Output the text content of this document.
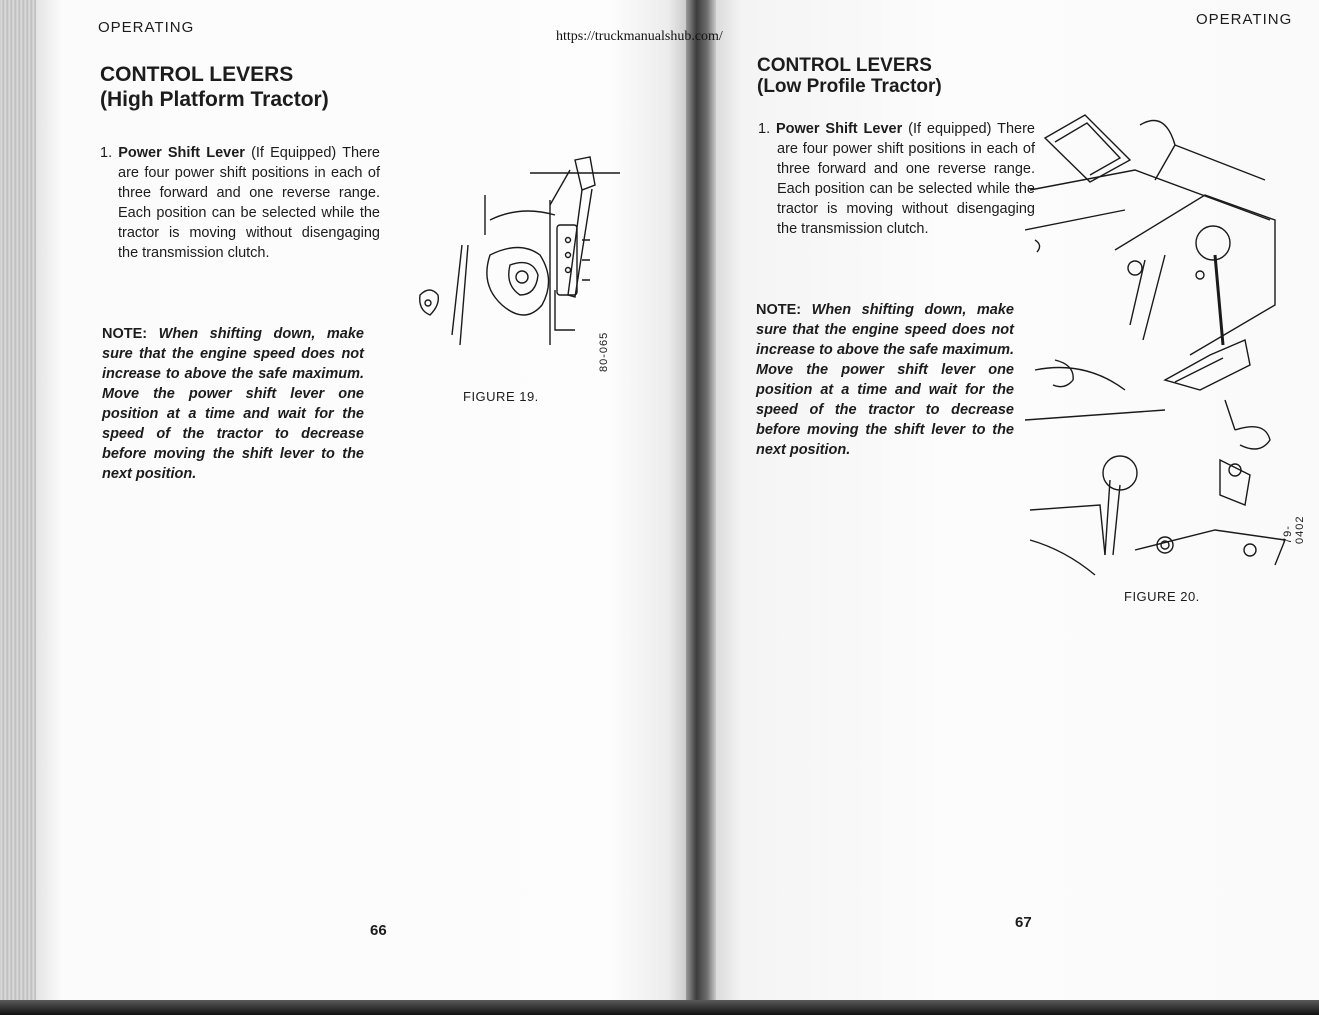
https://truckmanualshub.com/
OPERATING
CONTROL LEVERS
(High Platform Tractor)
1. Power Shift Lever (If Equipped) There are four power shift positions in each of three forward and one reverse range. Each position can be selected while the tractor is moving without disengaging the transmission clutch.
NOTE: When shifting down, make sure that the engine speed does not increase to above the safe maximum. Move the power shift lever one position at a time and wait for the speed of the tractor to decrease before moving the shift lever to the next position.
80-065
FIGURE 19.
66
OPERATING
CONTROL LEVERS
(Low Profile Tractor)
1. Power Shift Lever (If equipped) There are four power shift positions in each of three forward and one reverse range. Each position can be selected while the tractor is moving without disengaging the transmission clutch.
NOTE: When shifting down, make sure that the engine speed does not increase to above the safe maximum. Move the power shift lever one position at a time and wait for the speed of the tractor to decrease before moving the shift lever to the next position.
79-0402
FIGURE 20.
67
